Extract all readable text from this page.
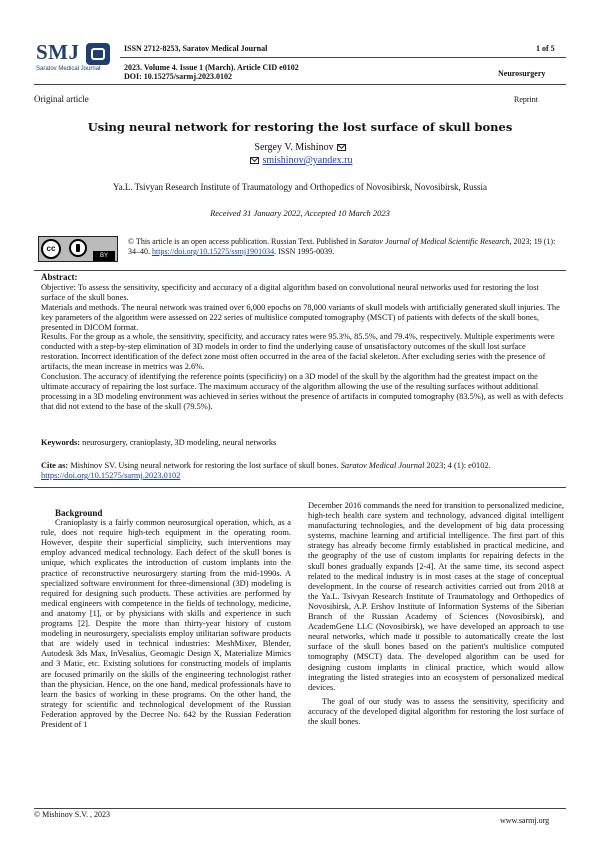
SMJ
Saratov Medical Journal
ISSN 2712-8253, Saratov Medical Journal
2023. Volume 4. Issue 1 (March). Article CID e0102
DOI: 10.15275/sarmj.2023.0102
1 of 5
Neurosurgery
Original article	Reprint
Using neural network for restoring the lost surface of skull bones
Sergey V. Mishinov
smishinov@yandex.ru
Ya.L. Tsivyan Research Institute of Traumatology and Orthopedics of Novosibirsk, Novosibirsk, Russia
Received 31 January 2022, Accepted 10 March 2023
cc
BY
© This article is an open access publication. Russian Text. Published in Saratov Journal of Medical Scientific Research, 2023; 19 (1): 34–40. https://doi.org/10.15275/ssmj1901034. ISSN 1995-0039.
Abstract:

Objective: To assess the sensitivity, specificity and accuracy of a digital algorithm based on convolutional neural networks used for restoring the lost surface of the skull bones.

Materials and methods. The neural network was trained over 6,000 epochs on 78,000 variants of skull models with artificially generated skull injuries. The key parameters of the algorithm were assessed on 222 series of multislice computed tomography (MSCT) of patients with defects of the skull bones, presented in DICOM format.

Results. For the group as a whole, the sensitivity, specificity, and accuracy rates were 95.3%, 85.5%, and 79.4%, respectively. Multiple experiments were conducted with a step-by-step elimination of 3D models in order to find the underlying cause of unsatisfactory outcomes of the skull lost surface restoration. Incorrect identification of the defect zone most often occurred in the area of the facial skeleton. After excluding series with the presence of artifacts, the mean increase in metrics was 2.6%.

Conclusion. The accuracy of identifying the reference points (specificity) on a 3D model of the skull by the algorithm had the greatest impact on the ultimate accuracy of repairing the lost surface. The maximum accuracy of the algorithm allowing the use of the resulting surfaces without additional processing in a 3D modeling environment was achieved in series without the presence of artifacts in computed tomography (83.5%), as well as with defects that did not extend to the base of the skull (79.5%).

Keywords: neurosurgery, cranioplasty, 3D modeling, neural networks
Cite as: Mishinov SV. Using neural network for restoring the lost surface of skull bones. Saratov Medical Journal 2023; 4 (1): e0102.
https://doi.org/10.15275/sarmj.2023.0102

Background

Cranioplasty is a fairly common neurosurgical operation, which, as a rule, does not require high-tech equipment in the operating room. However, despite their superficial simplicity, such interventions may employ advanced medical technology. Each defect of the skull bones is unique, which explicates the introduction of custom implants into the practice of reconstructive neurosurgery starting from the mid-1990s. A specialized software environment for three-dimensional (3D) modeling is required for designing such products. These activities are performed by medical engineers with competence in the fields of technology, medicine, and anatomy [1], or by physicians with skills and experience in such programs [2]. Despite the more than thirty-year history of custom modeling in neurosurgery, specialists employ utilitarian software products that are widely used in technical industries: MeshMixer, Blender, Autodesk 3ds Max, InVesalius, Geomagic Design X, Materialize Mimics and 3 Matic, etc. Existing solutions for constructing models of implants are focused primarily on the skills of the engineering technologist rather than the physician. Hence, on the one hand, medical professionals have to learn the basics of working in these programs. On the other hand, the strategy for scientific and technological development of the Russian Federation approved by the Decree No. 642 by the Russian Federation President of 1

December 2016 commands the need for transition to personalized medicine, high-tech health care system and technology, advanced digital intelligent manufacturing technologies, and the development of big data processing systems, machine learning and artificial intelligence. The first part of this strategy has already become firmly established in practical medicine, and the geography of the use of custom implants for repairing defects in the skull bones gradually expands [2-4]. At the same time, its second aspect related to the medical industry is in most cases at the stage of conceptual development. In the course of research activities carried out from 2018 at the Ya.L. Tsivyan Research Institute of Traumatology and Orthopedics of Novosibirsk, A.P. Ershov Institute of Information Systems of the Siberian Branch of the Russian Academy of Sciences (Novosibirsk), and AcademGene LLC (Novosibirsk), we have developed an approach to use neural networks, which made it possible to automatically create the lost surface of the skull bones based on the patient's multislice computed tomography (MSCT) data. The developed algorithm can be used for designing custom implants in clinical practice, which would allow integrating the listed strategies into an ecosystem of personalized medical devices.

The goal of our study was to assess the sensitivity, specificity and accuracy of the developed digital algorithm for restoring the lost surface of the skull bones.

© Mishinov S.V. , 2023
www.sarmj.org
